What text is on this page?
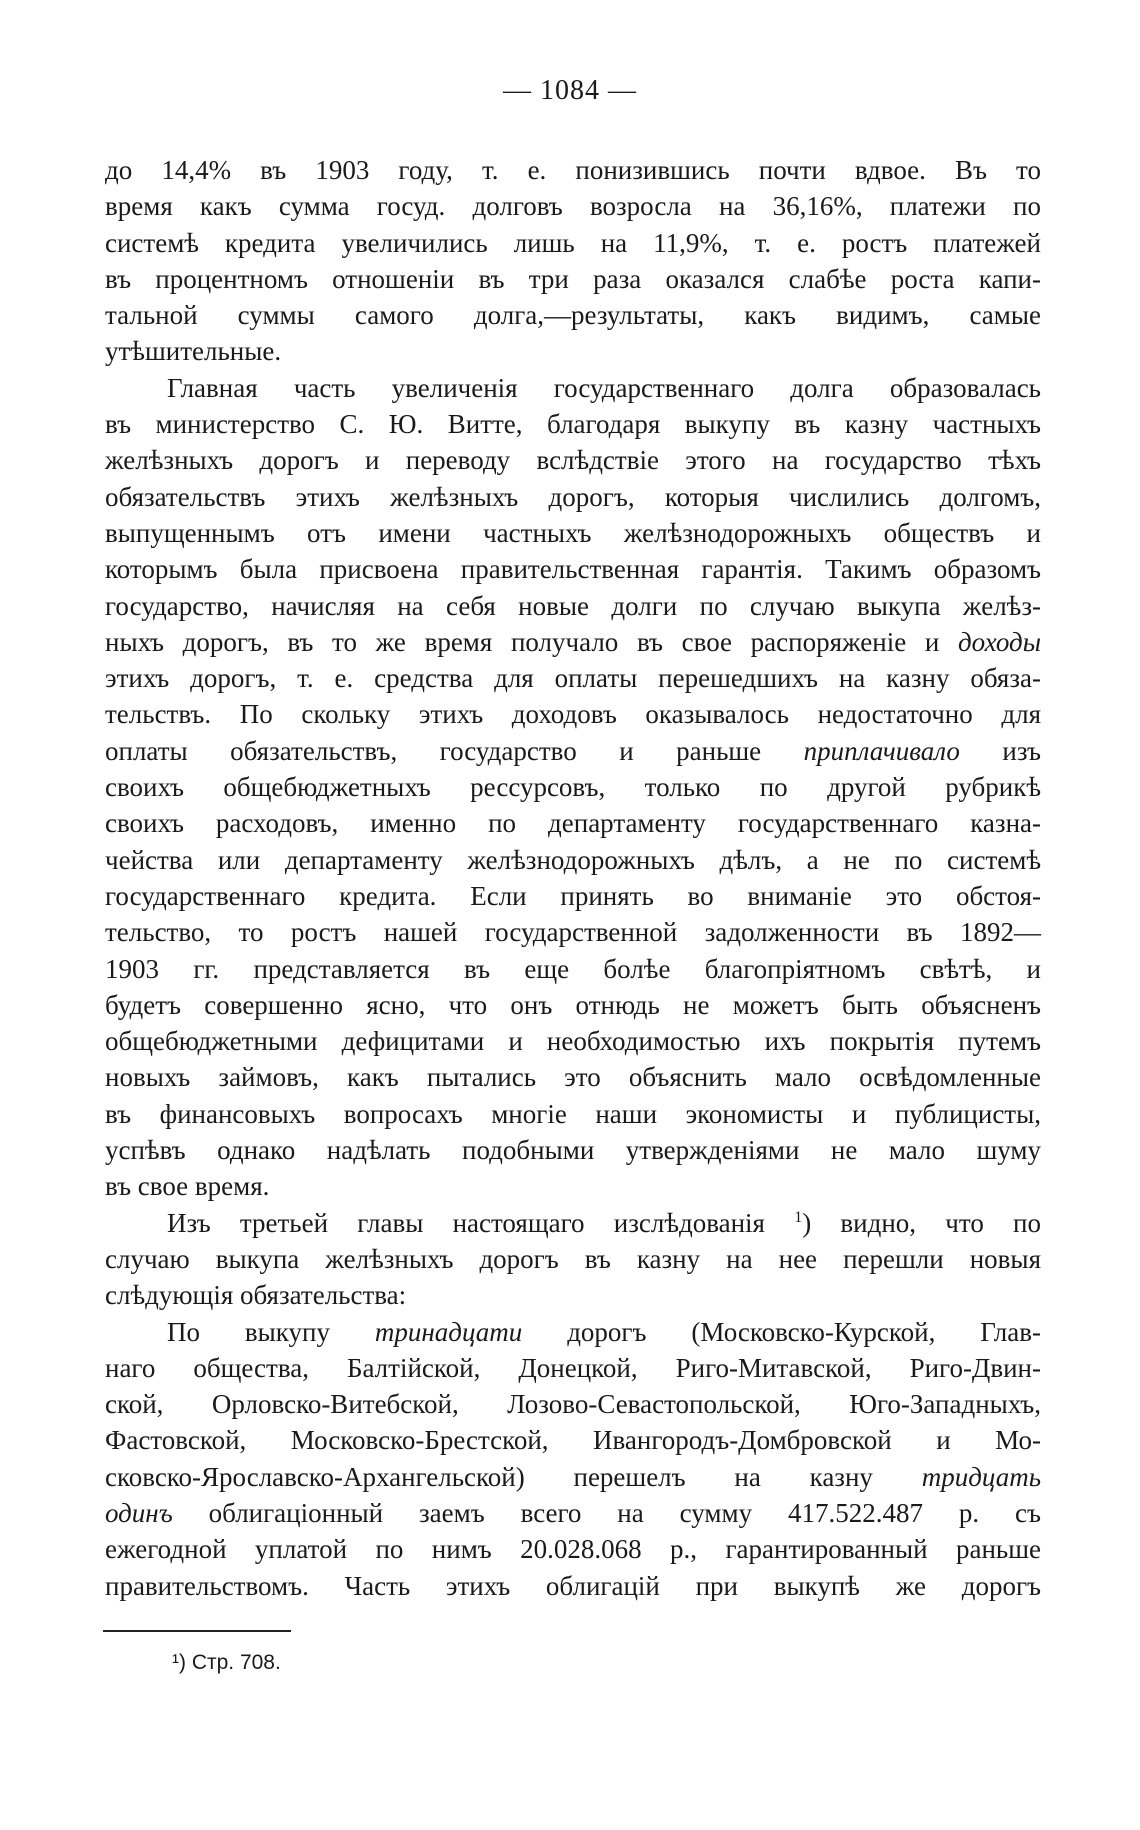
— 1084 —
до 14,4% въ 1903 году, т. е. понизившись почти вдвое. Въ то
время какъ сумма госуд. долговъ возросла на 36,16%, платежи по
системѣ кредита увеличились лишь на 11,9%, т. е. ростъ платежей
въ процентномъ отношеніи въ три раза оказался слабѣе роста капи-
тальной суммы самого долга,—результаты, какъ видимъ, самые
утѣшительные.
Главная часть увеличенія государственнаго долга образовалась
въ министерство С. Ю. Витте, благодаря выкупу въ казну частныхъ
желѣзныхъ дорогъ и переводу вслѣдствіе этого на государство тѣхъ
обязательствъ этихъ желѣзныхъ дорогъ, которыя числились долгомъ,
выпущеннымъ отъ имени частныхъ желѣзнодорожныхъ обществъ и
которымъ была присвоена правительственная гарантія. Такимъ образомъ
государство, начисляя на себя новые долги по случаю выкупа желѣз-
ныхъ дорогъ, въ то же время получало въ свое распоряженіе и доходы
этихъ дорогъ, т. е. средства для оплаты перешедшихъ на казну обяза-
тельствъ. По скольку этихъ доходовъ оказывалось недостаточно для
оплаты обязательствъ, государство и раньше приплачивало изъ
своихъ общебюджетныхъ рессурсовъ, только по другой рубрикѣ
своихъ расходовъ, именно по департаменту государственнаго казна-
чейства или департаменту желѣзнодорожныхъ дѣлъ, а не по системѣ
государственнаго кредита. Если принять во вниманіе это обстоя-
тельство, то ростъ нашей государственной задолженности въ 1892—
1903 гг. представляется въ еще болѣе благопріятномъ свѣтѣ, и
будетъ совершенно ясно, что онъ отнюдь не можетъ быть объясненъ
общебюджетными дефицитами и необходимостью ихъ покрытія путемъ
новыхъ займовъ, какъ пытались это объяснить мало освѣдомленные
въ финансовыхъ вопросахъ многіе наши экономисты и публицисты,
успѣвъ однако надѣлать подобными утвержденіями не мало шуму
въ свое время.
Изъ третьей главы настоящаго изслѣдованія $^1$) видно, что по
случаю выкупа желѣзныхъ дорогъ въ казну на нее перешли новыя
слѣдующія обязательства:
По выкупу тринадцати дорогъ (Московско-Курской, Глав-
наго общества, Балтійской, Донецкой, Риго-Митавской, Риго-Двин-
ской, Орловско-Витебской, Лозово-Севастопольской, Юго-Западныхъ,
Фастовской, Московско-Брестской, Ивангородъ-Домбровской и Мо-
сковско-Ярославско-Архангельской) перешелъ на казну тридцать
одинъ облигаціонный заемъ всего на сумму 417.522.487 р. съ
ежегодной уплатой по нимъ 20.028.068 р., гарантированный раньше
правительствомъ. Часть этихъ облигацій при выкупѣ же дорогъ
¹) Стр. 708.
